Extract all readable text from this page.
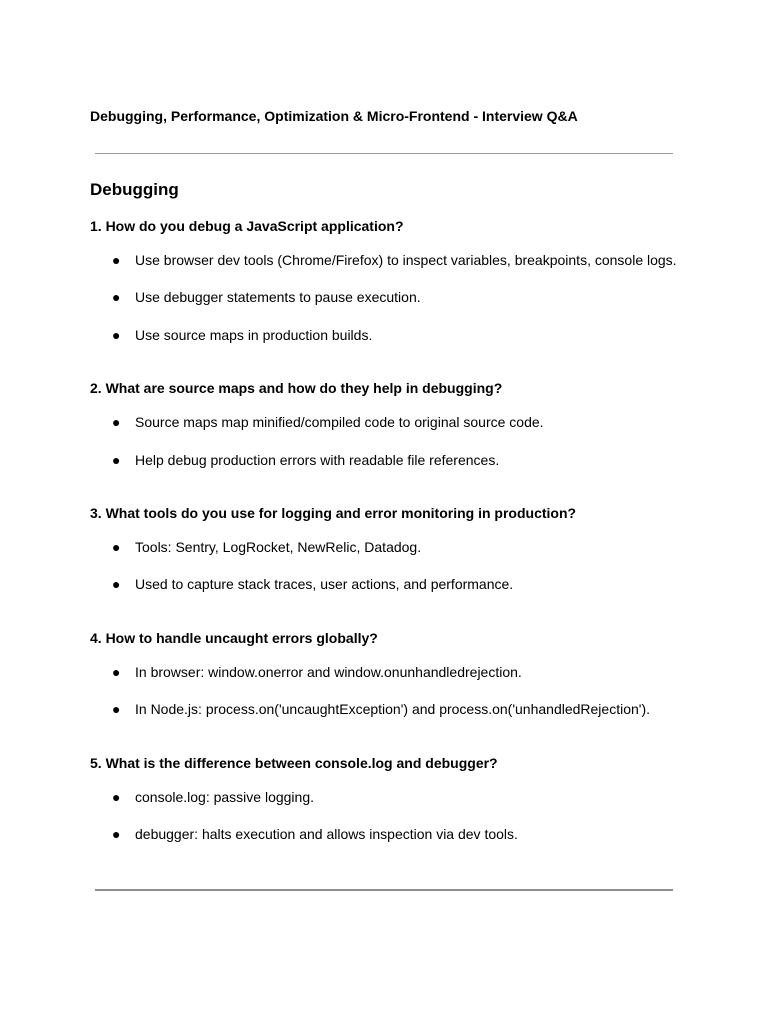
Debugging, Performance, Optimization & Micro-Frontend - Interview Q&A
Debugging
1. How do you debug a JavaScript application?
●	Use browser dev tools (Chrome/Firefox) to inspect variables, breakpoints, console logs.
●	Use debugger statements to pause execution.
●	Use source maps in production builds.
2. What are source maps and how do they help in debugging?
●	Source maps map minified/compiled code to original source code.
●	Help debug production errors with readable file references.
3. What tools do you use for logging and error monitoring in production?
●	Tools: Sentry, LogRocket, NewRelic, Datadog.
●	Used to capture stack traces, user actions, and performance.
4. How to handle uncaught errors globally?
●	In browser: window.onerror and window.onunhandledrejection.
●	In Node.js: process.on('uncaughtException') and process.on('unhandledRejection').
5. What is the difference between console.log and debugger?
●	console.log: passive logging.
●	debugger: halts execution and allows inspection via dev tools.
